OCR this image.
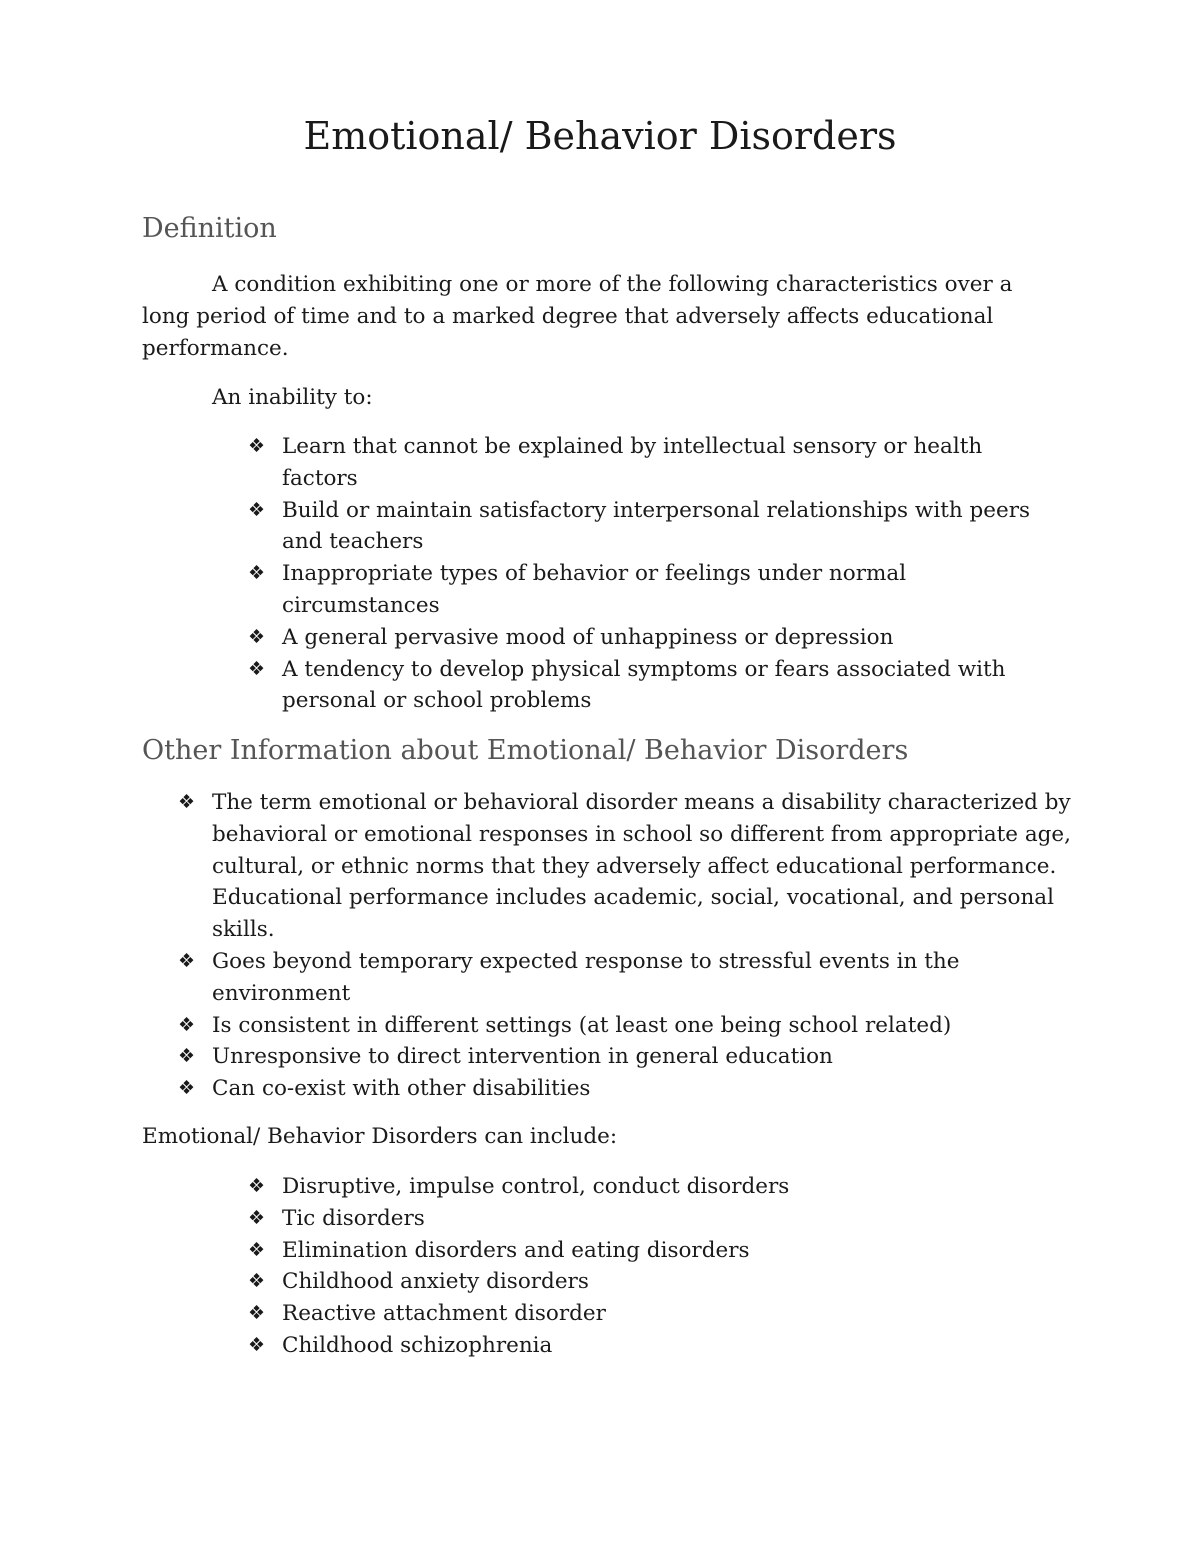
Emotional/ Behavior Disorders
Definition

A condition exhibiting one or more of the following characteristics over a long period of time and to a marked degree that adversely affects educational performance.

An inability to:

❖ Learn that cannot be explained by intellectual sensory or health factors
❖ Build or maintain satisfactory interpersonal relationships with peers and teachers
❖ Inappropriate types of behavior or feelings under normal circumstances
❖ A general pervasive mood of unhappiness or depression
❖ A tendency to develop physical symptoms or fears associated with personal or school problems
Other Information about Emotional/ Behavior Disorders
❖ The term emotional or behavioral disorder means a disability characterized by behavioral or emotional responses in school so different from appropriate age, cultural, or ethnic norms that they adversely affect educational performance. Educational performance includes academic, social, vocational, and personal skills.
❖ Goes beyond temporary expected response to stressful events in the environment
❖ Is consistent in different settings (at least one being school related)
❖ Unresponsive to direct intervention in general education
❖ Can co-exist with other disabilities

Emotional/ Behavior Disorders can include:

❖ Disruptive, impulse control, conduct disorders
❖ Tic disorders
❖ Elimination disorders and eating disorders
❖ Childhood anxiety disorders
❖ Reactive attachment disorder
❖ Childhood schizophrenia
